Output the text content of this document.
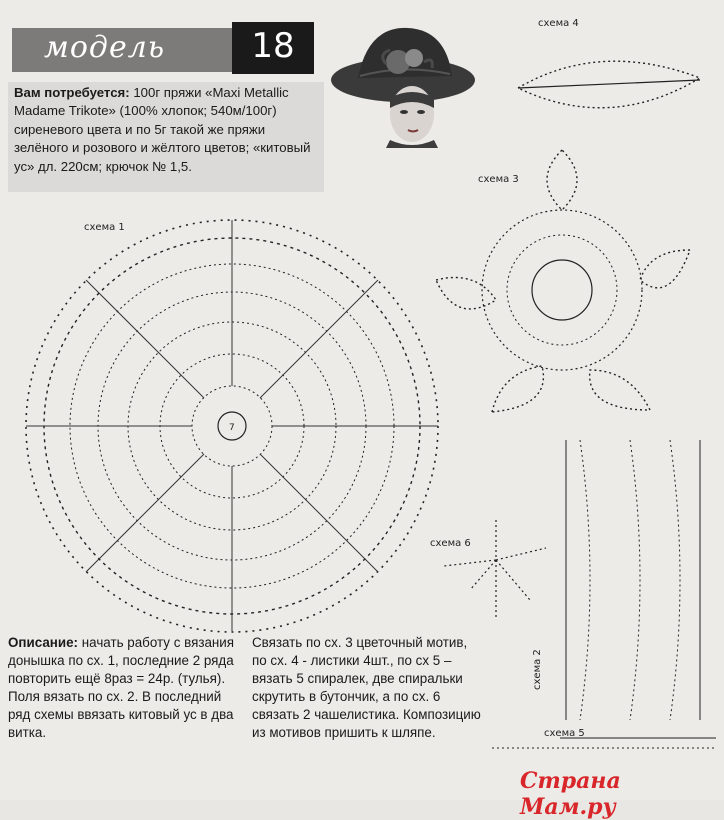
модель	18
Вам потребуется: 100г пряжи «Maxi Metallic Madame Trikote» (100% хлопок; 540м/100г) сиреневого цвета и по 5г такой же пряжи зелёного и розового и жёлтого цветов; «китовый ус» дл. 220см; крючок № 1,5.
схема 1
схема 3
схема 4
схема 6
схема 5
схема 2
7
Описание: начать работу с вязания донышка по сх. 1, последние 2 ряда повторить ещё 8раз = 24р. (тулья). Поля вязать по сх. 2. В последний ряд схемы ввязать китовый ус в два витка.
Связать по сх. 3 цветочный мотив, по сх. 4 - листики 4шт., по сх 5 – вязать 5 спиралек, две спиральки скрутить в бутончик, а по сх. 6 связать 2 чашелистика. Композицию из мотивов пришить к шляпе.
Страна Мам.ру
